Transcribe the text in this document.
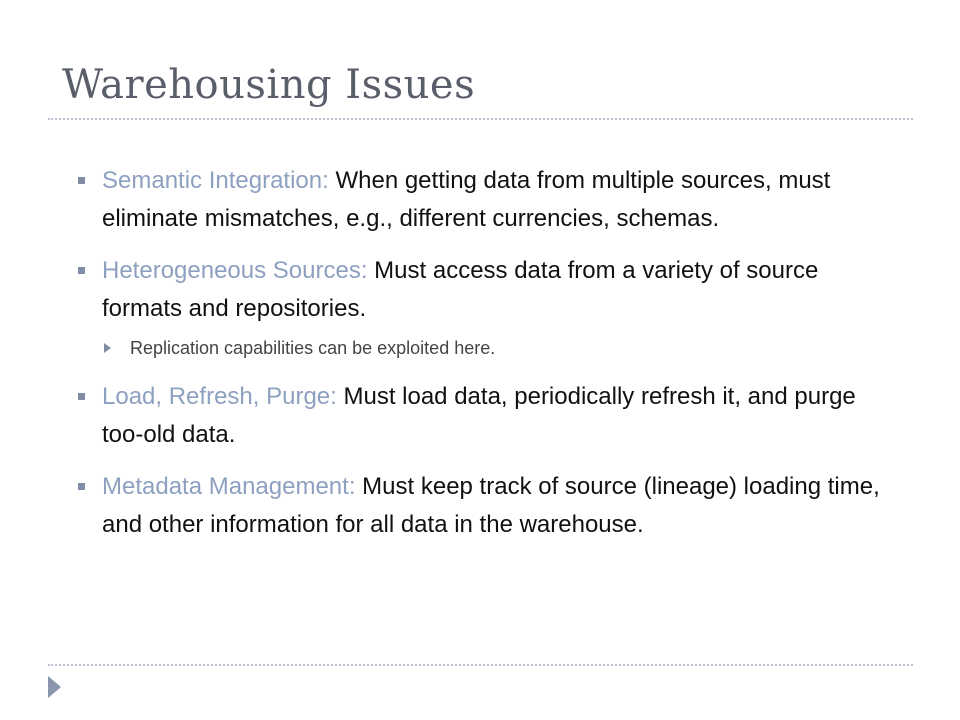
Warehousing Issues
Semantic Integration: When getting data from multiple sources, must eliminate mismatches, e.g., different currencies, schemas.
Heterogeneous Sources: Must access data from a variety of source formats and repositories.
Replication capabilities can be exploited here.
Load, Refresh, Purge: Must load data, periodically refresh it, and purge too-old data.
Metadata Management: Must keep track of source (lineage) loading time, and other information for all data in the warehouse.
